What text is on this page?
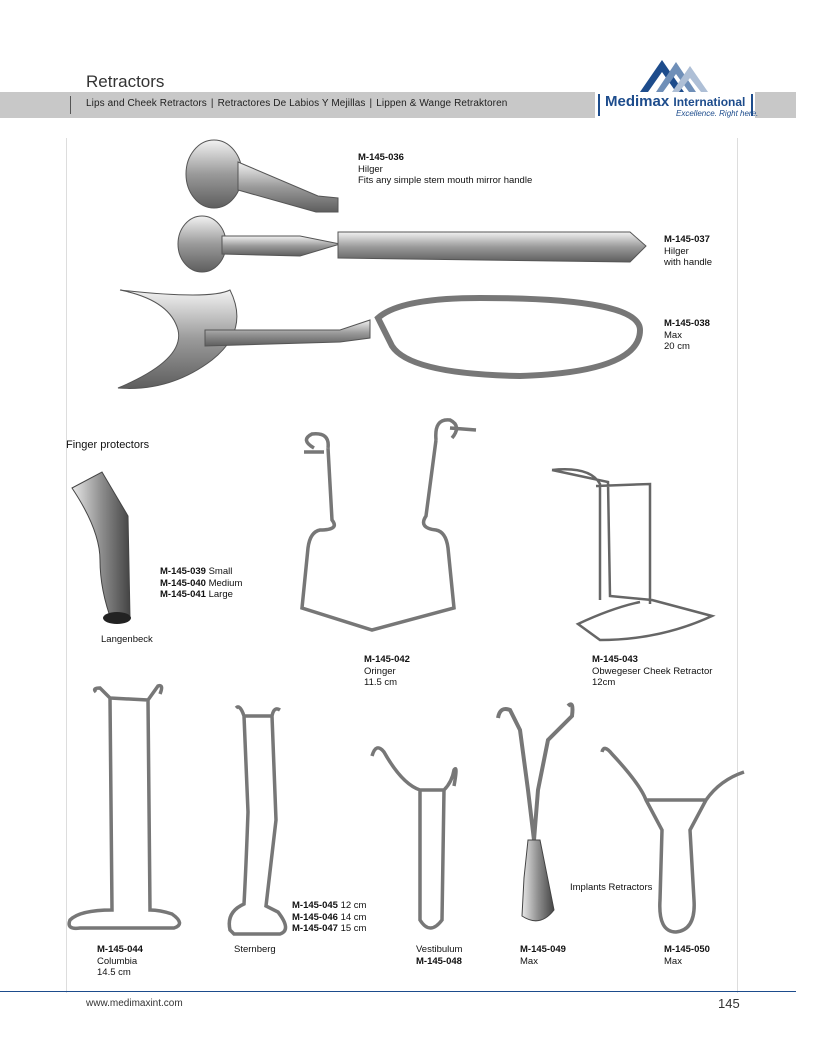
Retractors
Lips and Cheek Retractors | Retractores De Labios Y Mejillas | Lippen & Wange Retraktoren	Medimax International
Excellence. Right here.
M-145-036
Hilger
Fits any simple stem mouth mirror handle
M-145-037
Hilger
with handle
M-145-038
Max
20 cm
Finger protectors
M-145-039 Small
M-145-040 Medium
M-145-041 Large
Langenbeck
M-145-042
Oringer
11.5 cm
M-145-043
Obwegeser Cheek Retractor
12cm
M-145-044
Columbia
14.5 cm
Sternberg
M-145-045 12 cm
M-145-046 14 cm
M-145-047 15 cm
Vestibulum
M-145-048
Implants Retractors
M-145-049
Max
M-145-050
Max
www.medimaxint.com	145
